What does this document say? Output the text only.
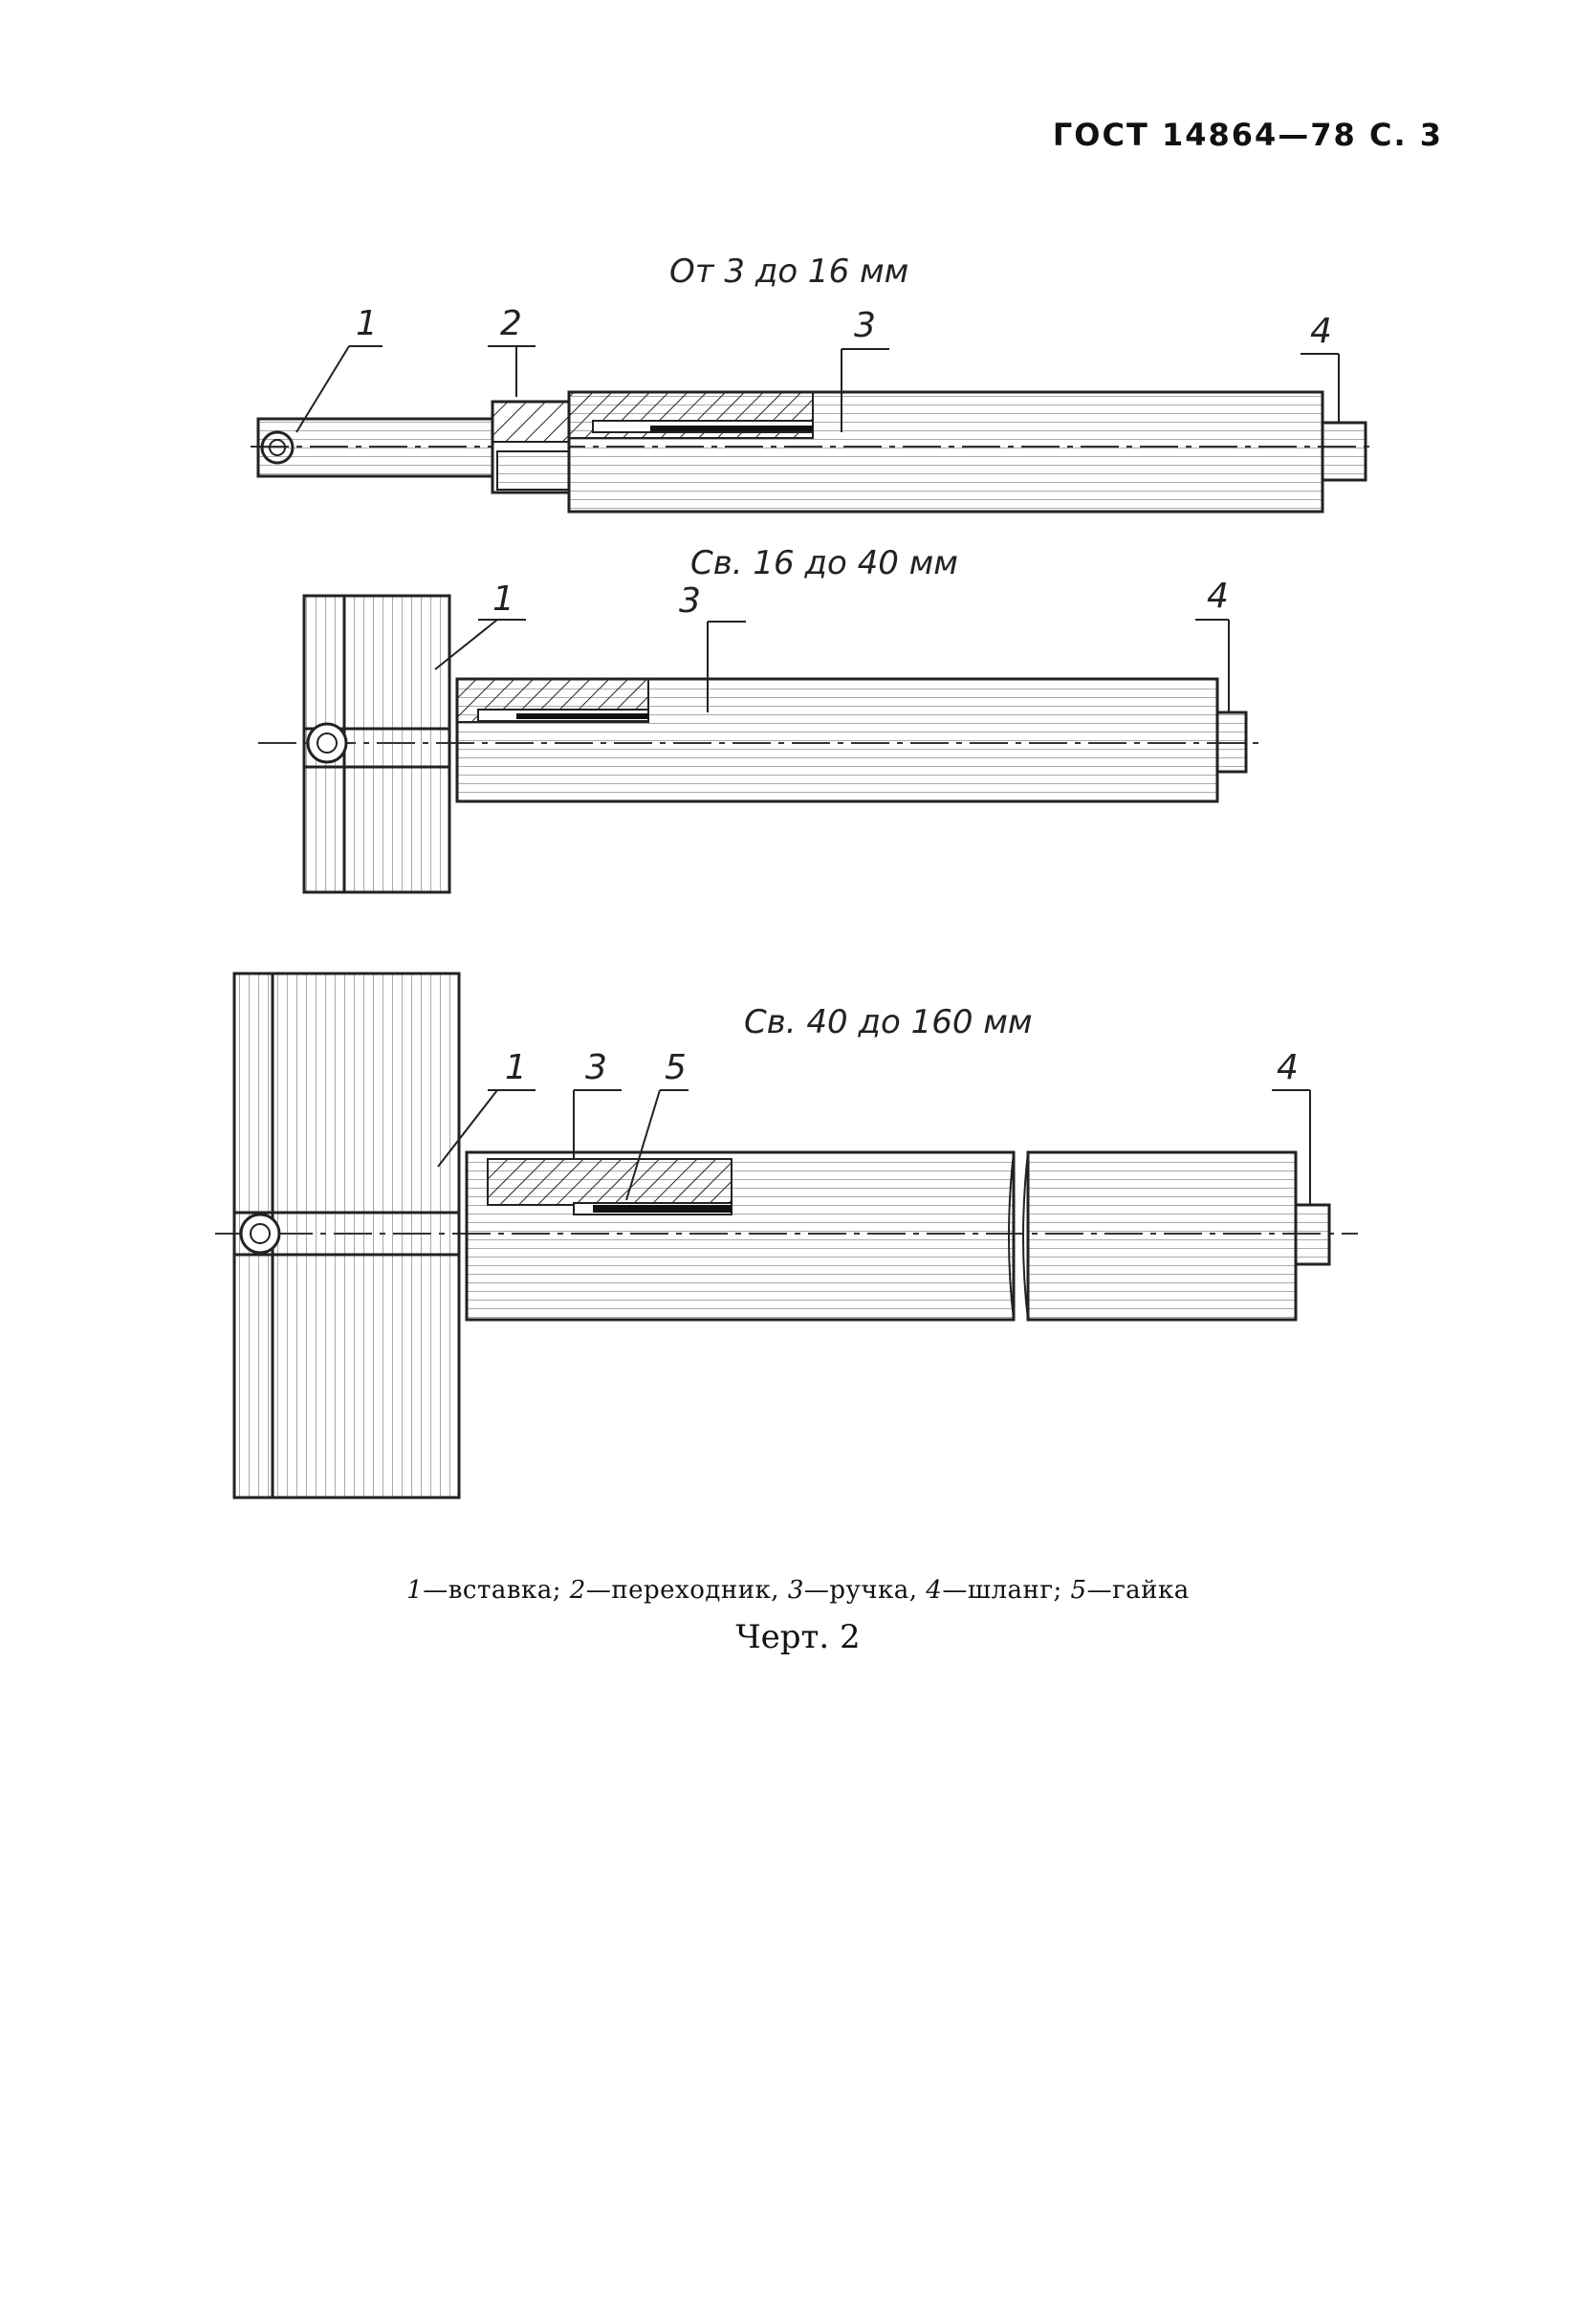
ГОСТ 14864—78 С. 3
От 3 до 16 мм
1	2	3	4
Св. 16 до 40 мм
1	3	4
Св. 40 до 160 мм
1 3 5	4
1—вставка; 2—переходник, 3—ручка, 4—шланг; 5—гайка
Черт. 2
